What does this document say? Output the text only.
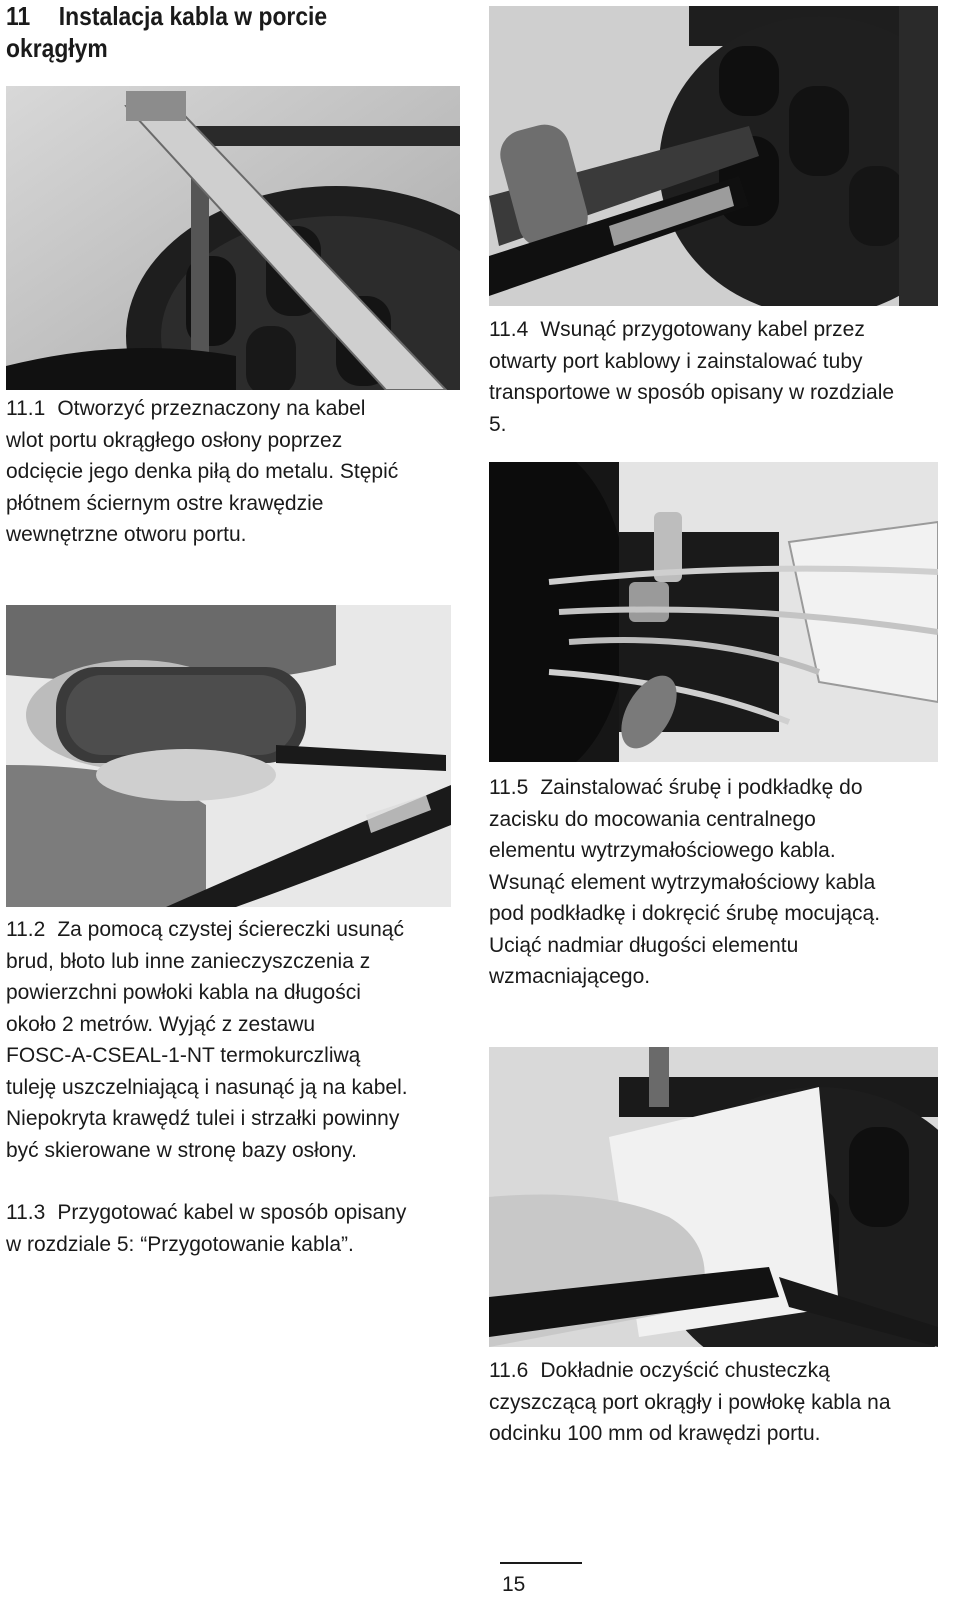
11 Instalacja kabla w porcie
okrągłym
11.1 Otworzyć przeznaczony na kabel
wlot portu okrągłego osłony poprzez
odcięcie jego denka piłą do metalu. Stępić
płótnem ściernym ostre krawędzie
wewnętrzne otworu portu.
11.4 Wsunąć przygotowany kabel przez
otwarty port kablowy i zainstalować tuby
transportowe w sposób opisany w rozdziale
5.
11.5 Zainstalować śrubę i podkładkę do
zacisku do mocowania centralnego
elementu wytrzymałościowego kabla.
Wsunąć element wytrzymałościowy kabla
pod podkładkę i dokręcić śrubę mocującą.
Uciąć nadmiar długości elementu
wzmacniającego.
11.2 Za pomocą czystej ściereczki usunąć
brud, błoto lub inne zanieczyszczenia z
powierzchni powłoki kabla na długości
około 2 metrów. Wyjąć z zestawu
FOSC-A-CSEAL-1-NT termokurczliwą
tuleję uszczelniającą i nasunąć ją na kabel.
Niepokryta krawędź tulei i strzałki powinny
być skierowane w stronę bazy osłony.
11.3 Przygotować kabel w sposób opisany
w rozdziale 5: “Przygotowanie kabla”.
11.6 Dokładnie oczyścić chusteczką
czyszczącą port okrągły i powłokę kabla na
odcinku 100 mm od krawędzi portu.
15
